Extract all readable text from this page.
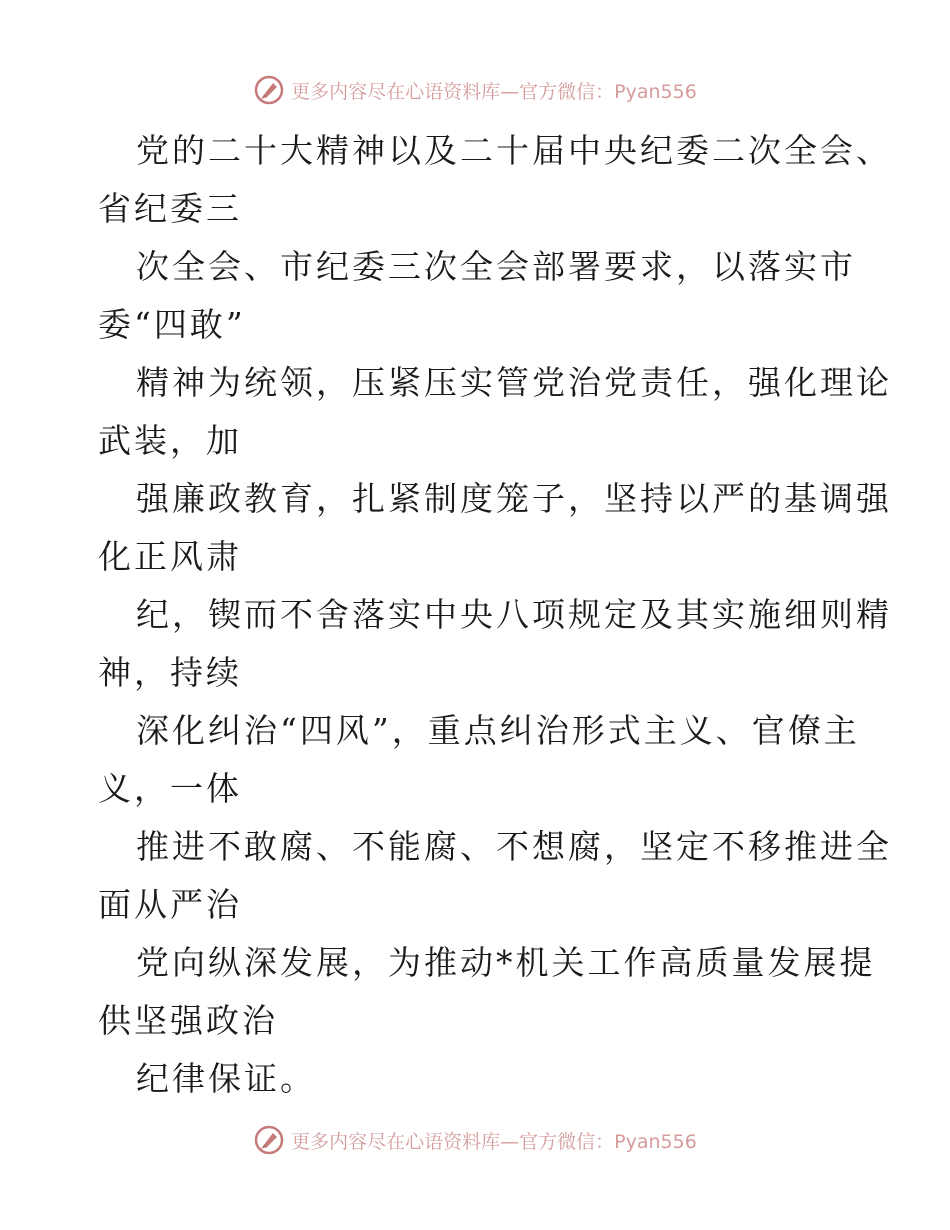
更多内容尽在心语资料库—官方微信：Pyan556
党的二十大精神以及二十届中央纪委二次全会、
省纪委三
次全会、市纪委三次全会部署要求，以落实市
委“四敢”
精神为统领，压紧压实管党治党责任，强化理论
武装，加
强廉政教育，扎紧制度笼子，坚持以严的基调强
化正风肃
纪，锲而不舍落实中央八项规定及其实施细则精
神，持续
深化纠治“四风”，重点纠治形式主义、官僚主
义，一体
推进不敢腐、不能腐、不想腐，坚定不移推进全
面从严治
党向纵深发展，为推动*机关工作高质量发展提
供坚强政治
纪律保证。
更多内容尽在心语资料库—官方微信：Pyan556
